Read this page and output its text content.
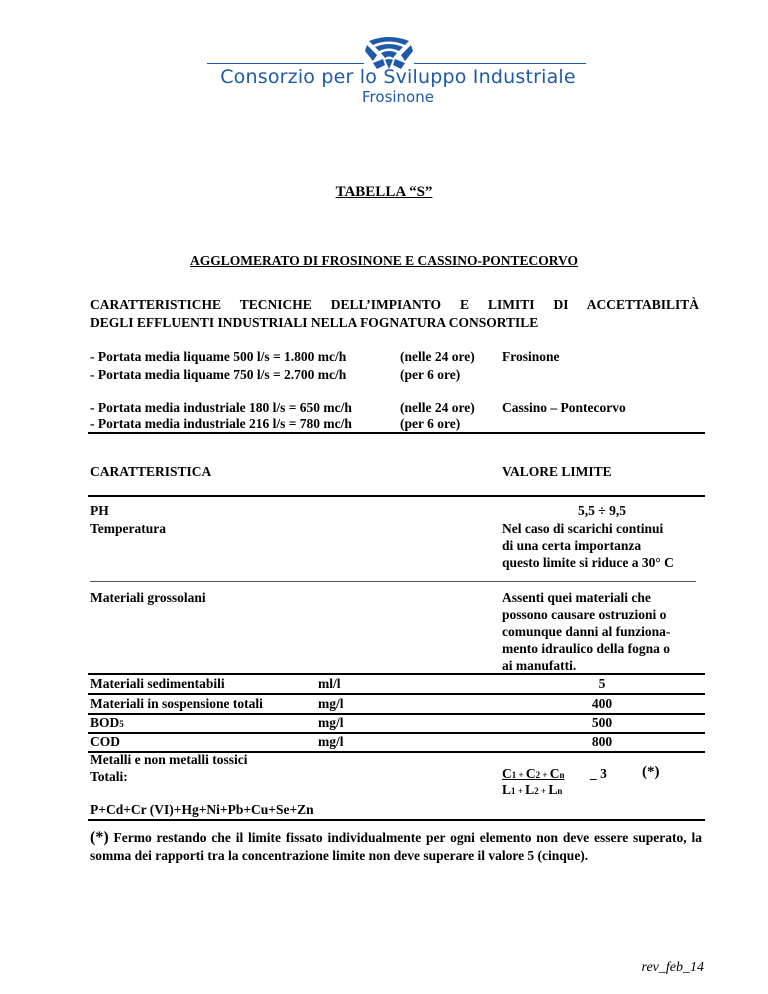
Consorzio per lo Sviluppo Industriale
Frosinone
TABELLA “S”
AGGLOMERATO DI FROSINONE E CASSINO-PONTECORVO
CARATTERISTICHE TECNICHE DELL’IMPIANTO E LIMITI DI ACCETTABILITÀ
DEGLI EFFLUENTI INDUSTRIALI NELLA FOGNATURA CONSORTILE
- Portata media liquame 500 l/s = 1.800 mc/h	(nelle 24 ore) Frosinone
- Portata media liquame 750 l/s = 2.700 mc/h	(per 6 ore)
- Portata media industriale 180 l/s = 650 mc/h	(nelle 24 ore) Cassino – Pontecorvo
- Portata media industriale 216 l/s = 780 mc/h	(per 6 ore)
CARATTERISTICA	VALORE LIMITE
PH	5,5 ÷ 9,5
Temperatura	Nel caso di scarichi continui
di una certa importanza
questo limite si riduce a 30° C
Materiali grossolani	Assenti quei materiali che
possono causare ostruzioni o
comunque danni al funziona-
mento idraulico della fogna o
ai manufatti.
Materiali sedimentabili	ml/l	5
Materiali in sospensione totali	mg/l	400
BOD5	mg/l	500
COD	mg/l	800
Metalli e non metalli tossici
Totali:	C1 + C2 + Cn _ 3 (*)
L1 + L2 + Ln
P+Cd+Cr (VI)+Hg+Ni+Pb+Cu+Se+Zn
(*) Fermo restando che il limite fissato individualmente per ogni elemento non deve essere superato, la somma dei rapporti tra la concentrazione limite non deve superare il valore 5 (cinque).
rev_feb_14
